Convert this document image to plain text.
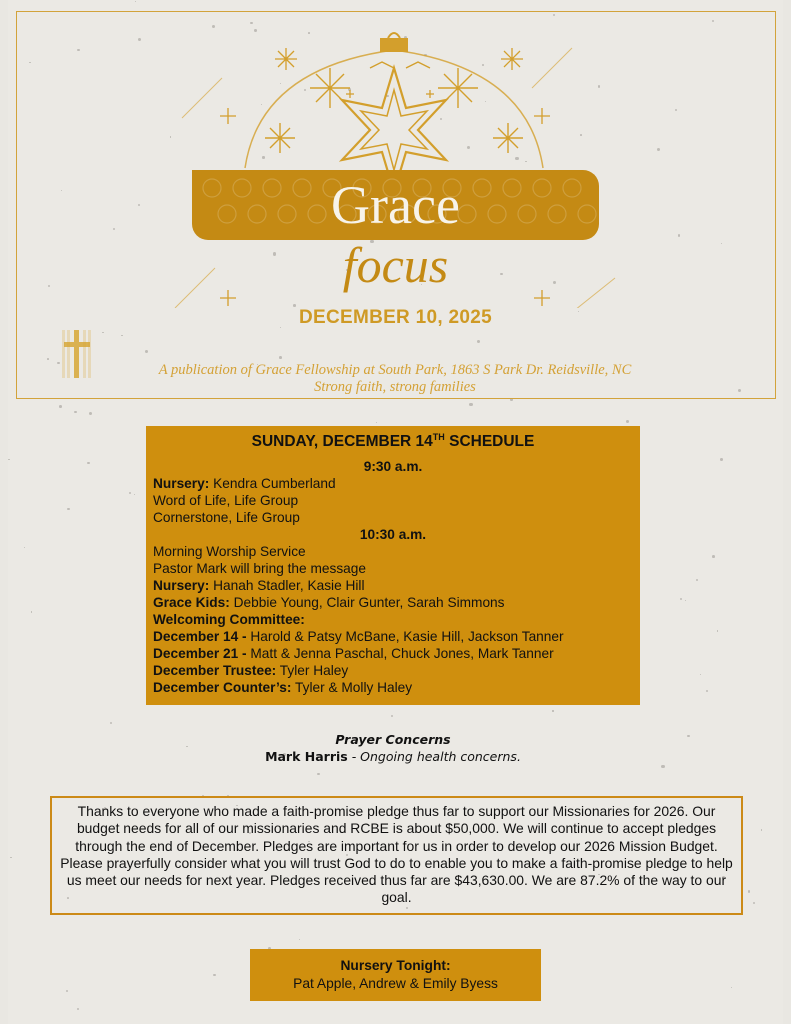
Grace
focus
DECEMBER 10, 2025
A publication of Grace Fellowship at South Park, 1863 S Park Dr. Reidsville, NC
Strong faith, strong families
SUNDAY, DECEMBER 14TH SCHEDULE
9:30 a.m.
Nursery: Kendra Cumberland
Word of Life, Life Group
Cornerstone, Life Group
10:30 a.m.
Morning Worship Service
Pastor Mark will bring the message
Nursery: Hanah Stadler, Kasie Hill
Grace Kids: Debbie Young, Clair Gunter, Sarah Simmons
Welcoming Committee:
December 14 - Harold & Patsy McBane, Kasie Hill, Jackson Tanner
December 21 - Matt & Jenna Paschal, Chuck Jones, Mark Tanner
December Trustee: Tyler Haley
December Counter’s: Tyler & Molly Haley
Prayer Concerns
Mark Harris - Ongoing health concerns.
Thanks to everyone who made a faith-promise pledge thus far to support our Missionaries for 2026. Our budget needs for all of our missionaries and RCBE is about $50,000. We will continue to accept pledges through the end of December. Pledges are important for us in order to develop our 2026 Mission Budget. Please prayerfully consider what you will trust God to do to enable you to make a faith-promise pledge to help us meet our needs for next year. Pledges received thus far are $43,630.00. We are 87.2% of the way to our goal.
Nursery Tonight:
Pat Apple, Andrew & Emily Byess
